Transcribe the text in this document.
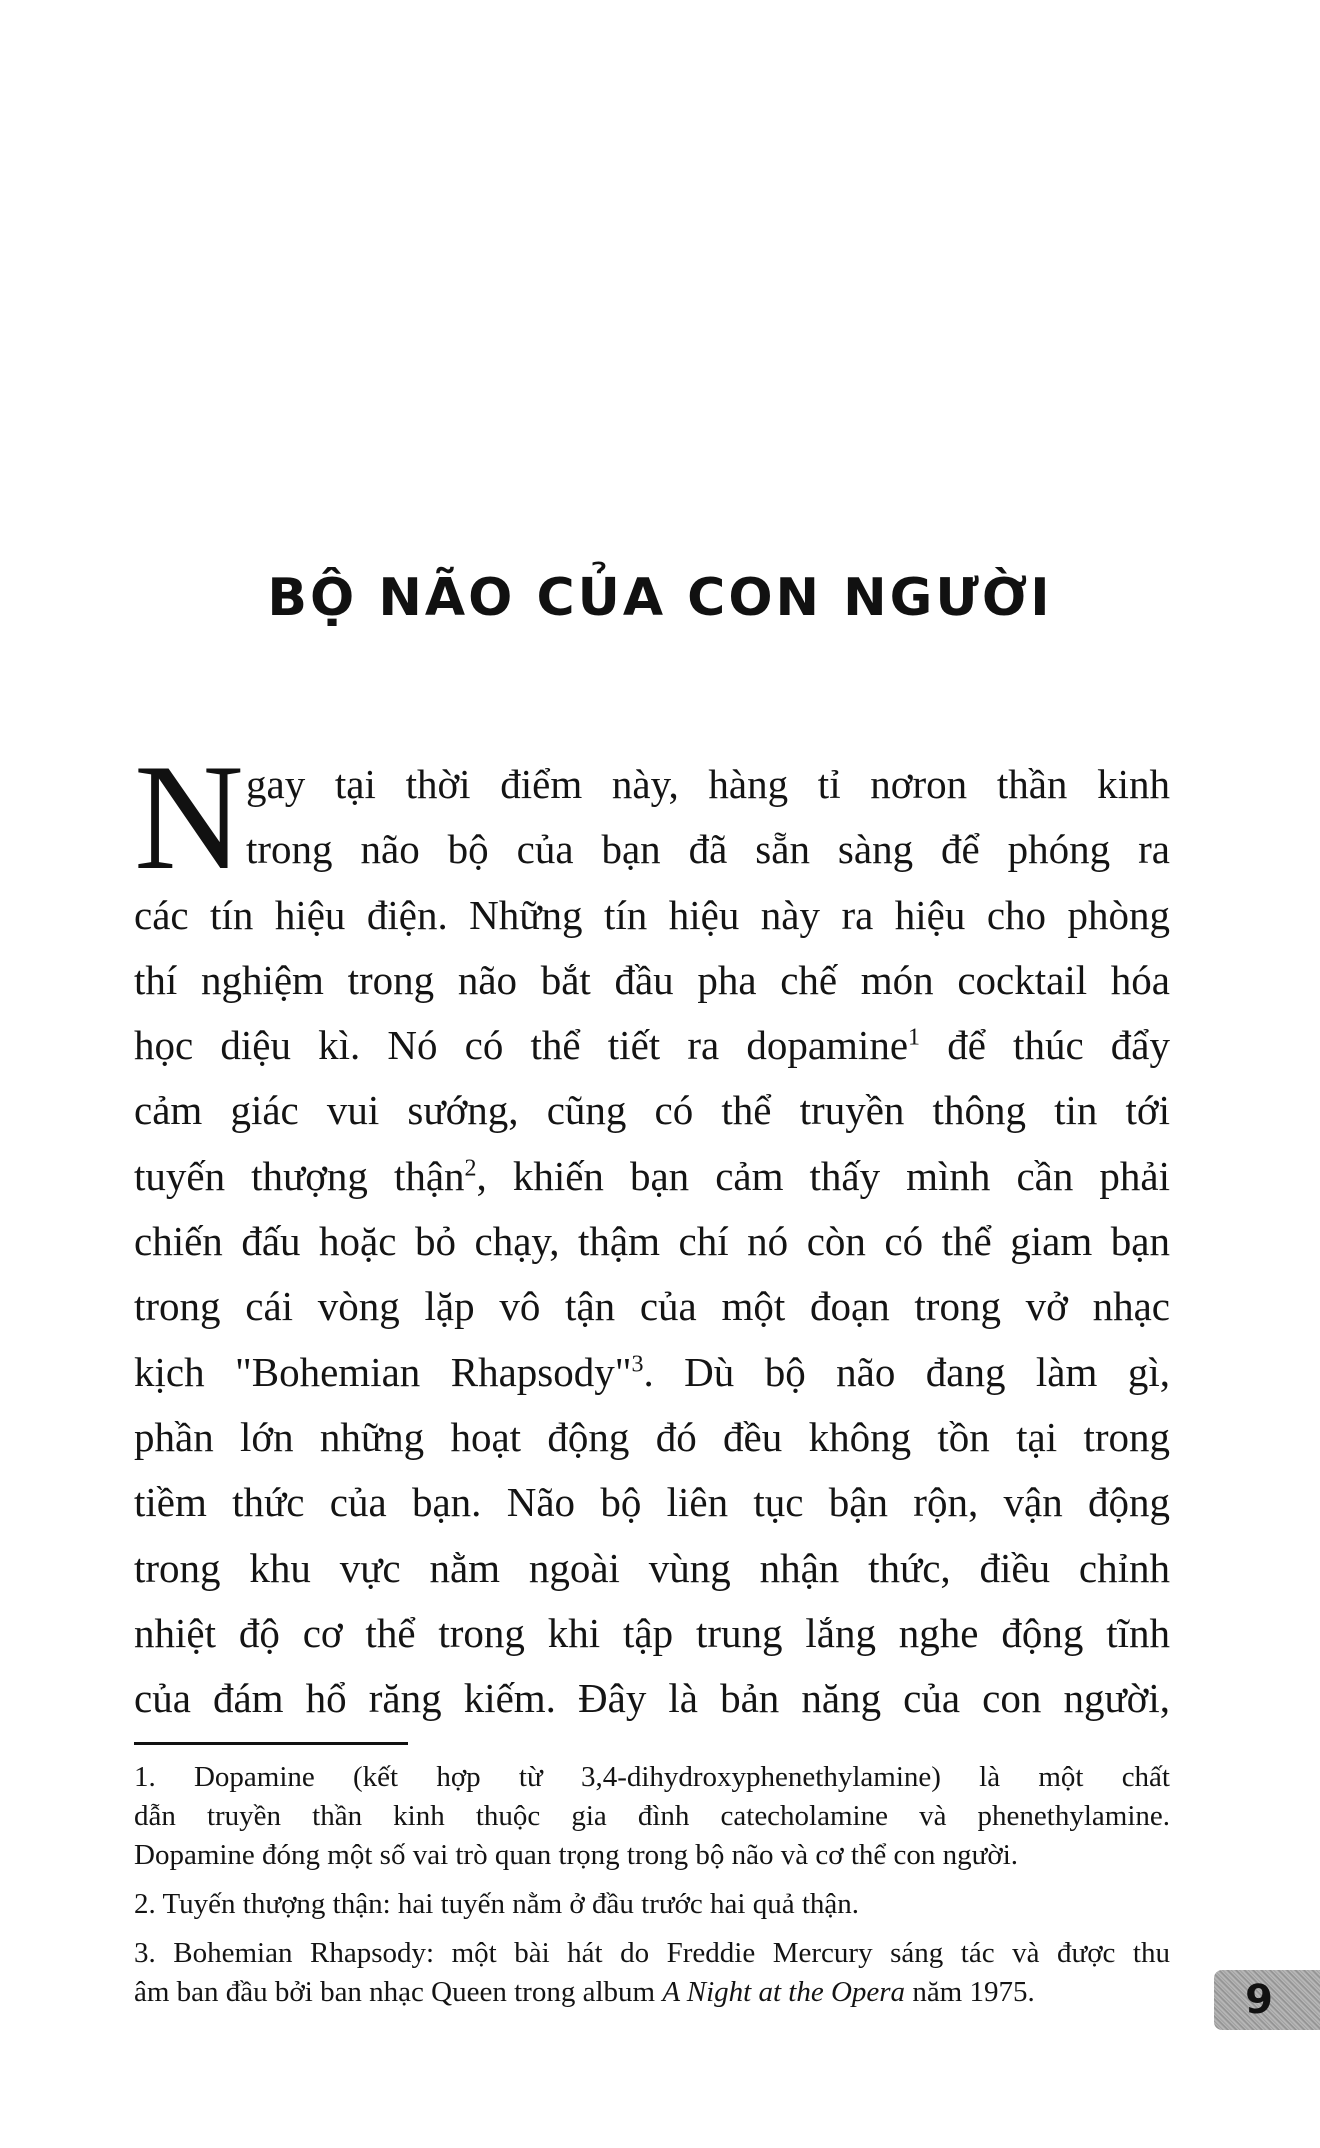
BỘ NÃO CỦA CON NGƯỜI
N gay tại thời điểm này, hàng tỉ nơron thần kinh
trong não bộ của bạn đã sẵn sàng để phóng ra
các tín hiệu điện. Những tín hiệu này ra hiệu cho phòng
thí nghiệm trong não bắt đầu pha chế món cocktail hóa
học diệu kì. Nó có thể tiết ra dopamine$^1$ để thúc đẩy
cảm giác vui sướng, cũng có thể truyền thông tin tới
tuyến thượng thận$^2$, khiến bạn cảm thấy mình cần phải
chiến đấu hoặc bỏ chạy, thậm chí nó còn có thể giam bạn
trong cái vòng lặp vô tận của một đoạn trong vở nhạc
kịch "Bohemian Rhapsody"$^3$. Dù bộ não đang làm gì,
phần lớn những hoạt động đó đều không tồn tại trong
tiềm thức của bạn. Não bộ liên tục bận rộn, vận động
trong khu vực nằm ngoài vùng nhận thức, điều chỉnh
nhiệt độ cơ thể trong khi tập trung lắng nghe động tĩnh
của đám hổ răng kiếm. Đây là bản năng của con người,
1. Dopamine (kết hợp từ 3,4-dihydroxyphenethylamine) là một chất
dẫn truyền thần kinh thuộc gia đình catecholamine và phenethylamine.
Dopamine đóng một số vai trò quan trọng trong bộ não và cơ thể con người.
2. Tuyến thượng thận: hai tuyến nằm ở đầu trước hai quả thận.
3. Bohemian Rhapsody: một bài hát do Freddie Mercury sáng tác và được thu
âm ban đầu bởi ban nhạc Queen trong album A Night at the Opera năm 1975.	9
